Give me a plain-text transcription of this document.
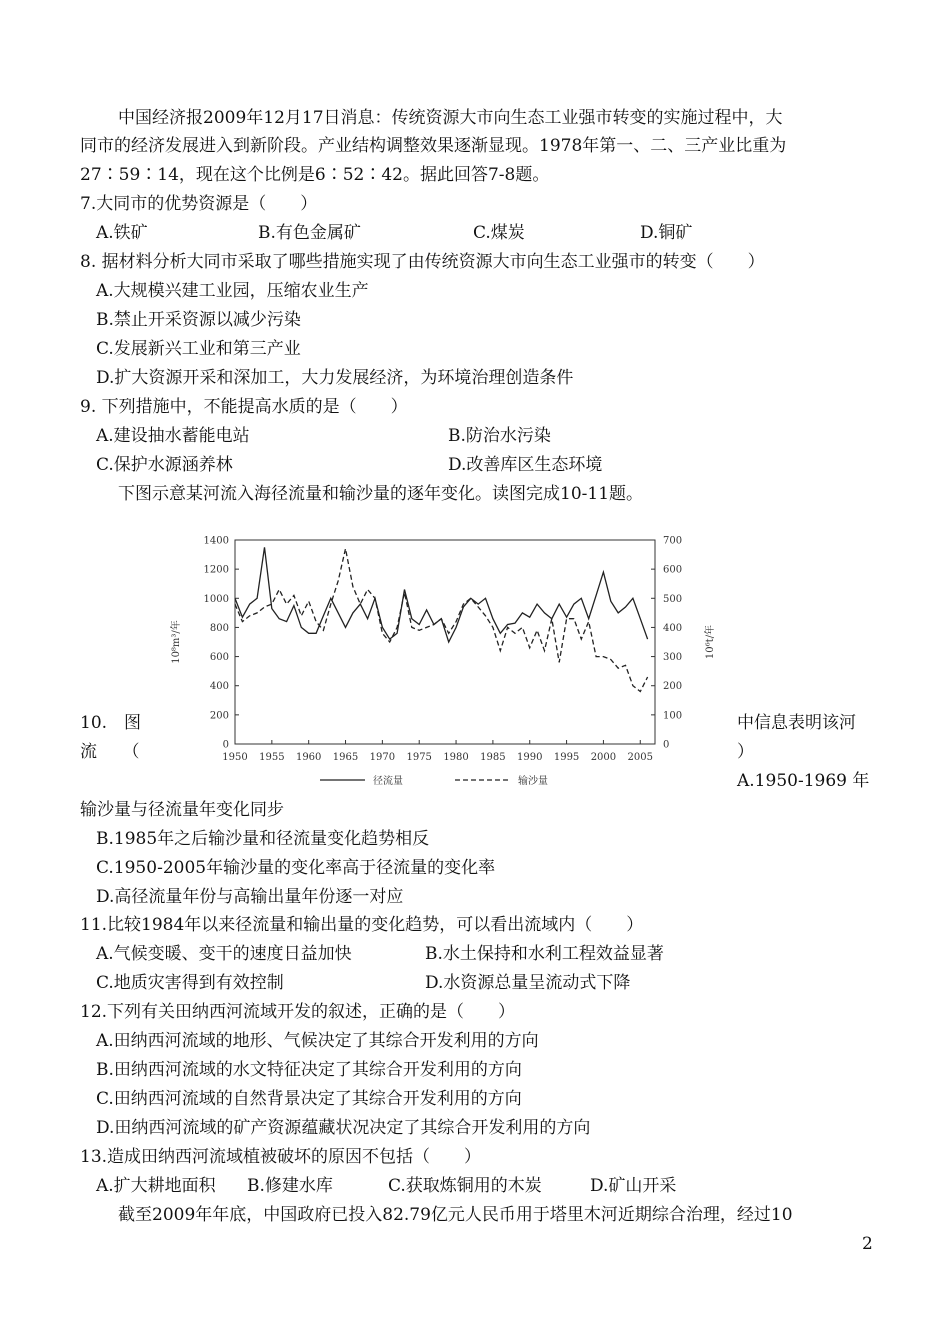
中国经济报2009年12月17日消息：传统资源大市向生态工业强市转变的实施过程中，大
同市的经济发展进入到新阶段。产业结构调整效果逐渐显现。1978年第一、二、三产业比重为
27∶59∶14，现在这个比例是6∶52∶42。据此回答7-8题。
7.大同市的优势资源是（　　）
A.铁矿	B.有色金属矿	C.煤炭	D.铜矿
8. 据材料分析大同市采取了哪些措施实现了由传统资源大市向生态工业强市的转变（　　）
A.大规模兴建工业园，压缩农业生产
B.禁止开采资源以减少污染
C.发展新兴工业和第三产业
D.扩大资源开采和深加工，大力发展经济，为环境治理创造条件
9. 下列措施中，不能提高水质的是（　　）
A.建设抽水蓄能电站	B.防治水污染
C.保护水源涵养林	D.改善库区生态环境
下图示意某河流入海径流量和输沙量的逐年变化。读图完成10-11题。
0
200
400
600
800
1000
1200
1400
10⁸m³/年
0
100
200
300
400
500
600
700
10⁶t/年
1950 1955 1960 1965 1970 1975 1980 1985 1990 1995 2000 2005
径流量	输沙量
10.　图	中信息表明该河
流　　（	）
A.1950-1969 年
输沙量与径流量年变化同步
B.1985年之后输沙量和径流量变化趋势相反
C.1950-2005年输沙量的变化率高于径流量的变化率
D.高径流量年份与高输出量年份逐一对应
11.比较1984年以来径流量和输出量的变化趋势，可以看出流域内（　　）
A.气候变暖、变干的速度日益加快	B.水土保持和水利工程效益显著
C.地质灾害得到有效控制	D.水资源总量呈流动式下降
12.下列有关田纳西河流域开发的叙述，正确的是（　　）
A.田纳西河流域的地形、气候决定了其综合开发利用的方向
B.田纳西河流域的水文特征决定了其综合开发利用的方向
C.田纳西河流域的自然背景决定了其综合开发利用的方向
D.田纳西河流域的矿产资源蕴藏状况决定了其综合开发利用的方向
13.造成田纳西河流域植被破坏的原因不包括（　　）
A.扩大耕地面积 B.修建水库	C.获取炼铜用的木炭	D.矿山开采
截至2009年年底，中国政府已投入82.79亿元人民币用于塔里木河近期综合治理，经过10
2
